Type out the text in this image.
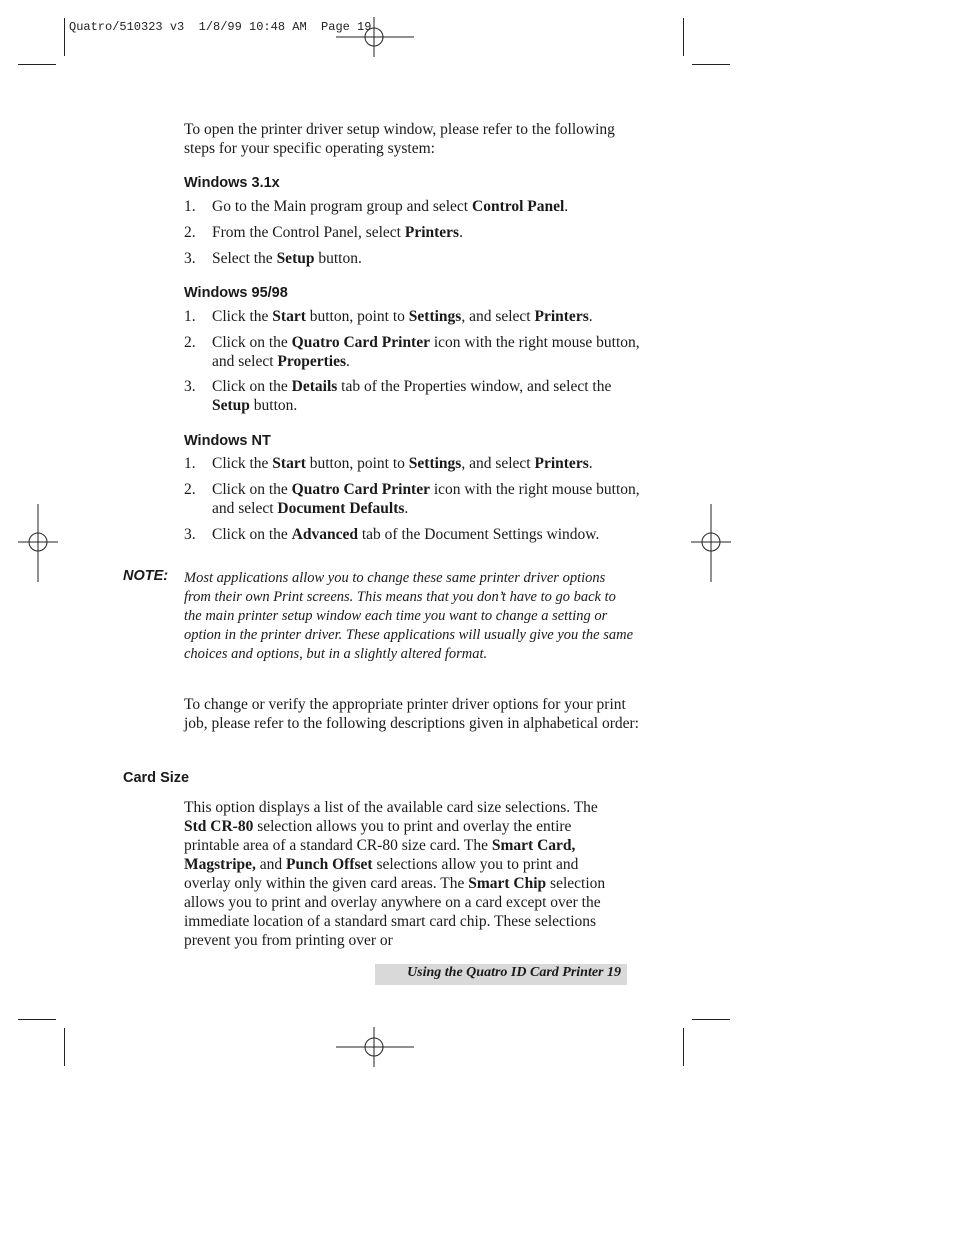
Quatro/510323 v3  1/8/99 10:48 AM  Page 19
To open the printer driver setup window, please refer to the following steps for your specific operating system:
Windows 3.1x
1. Go to the Main program group and select Control Panel.
2. From the Control Panel, select Printers.
3. Select the Setup button.
Windows 95/98
1. Click the Start button, point to Settings, and select Printers.
2. Click on the Quatro Card Printer icon with the right mouse button, and select Properties.
3. Click on the Details tab of the Properties window, and select the Setup button.
Windows NT
1. Click the Start button, point to Settings, and select Printers.
2. Click on the Quatro Card Printer icon with the right mouse button, and select Document Defaults.
3. Click on the Advanced tab of the Document Settings window.
NOTE: Most applications allow you to change these same printer driver options from their own Print screens. This means that you don’t have to go back to the main printer setup window each time you want to change a setting or option in the printer driver. These applications will usually give you the same choices and options, but in a slightly altered format.
To change or verify the appropriate printer driver options for your print job, please refer to the following descriptions given in alphabetical order:
Card Size
This option displays a list of the available card size selections. The Std CR-80 selection allows you to print and overlay the entire printable area of a standard CR-80 size card. The Smart Card, Magstripe, and Punch Offset selections allow you to print and overlay only within the given card areas. The Smart Chip selection allows you to print and overlay anywhere on a card except over the immediate location of a standard smart card chip. These selections prevent you from printing over or
Using the Quatro ID Card Printer 19
